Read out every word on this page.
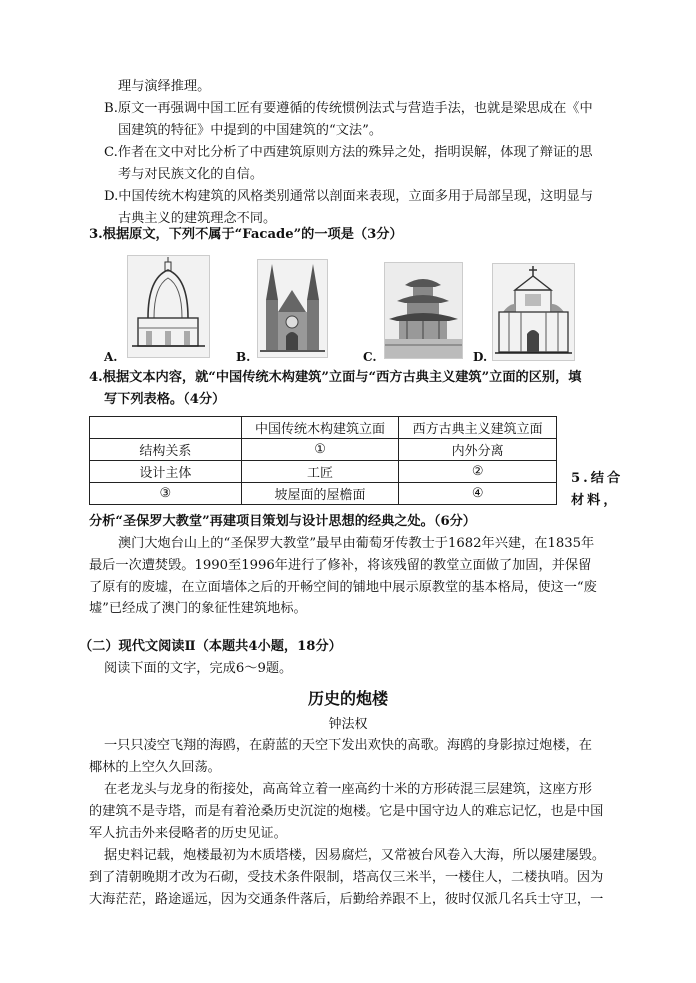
理与演绎推理。
B.原文一再强调中国工匠有要遵循的传统惯例法式与营造手法，也就是梁思成在《中
国建筑的特征》中提到的中国建筑的“文法”。
C.作者在文中对比分析了中西建筑原则方法的殊异之处，指明误解，体现了辩证的思
考与对民族文化的自信。
D.中国传统木构建筑的风格类别通常以剖面来表现，立面多用于局部呈现，这明显与
古典主义的建筑理念不同。
3.根据原文，下列不属于“Facade”的一项是（3分）
A.	B.	C.	D.
4.根据文本内容，就“中国传统木构建筑”立面与“西方古典主义建筑”立面的区别，填
写下列表格。（4分）
	中国传统木构建筑立面	西方古典主义建筑立面
结构关系	①	内外分离
设计主体	工匠	②
③	坡屋面的屋檐面	④
5.结合
材料，
分析“圣保罗大教堂”再建项目策划与设计思想的经典之处。（6分）
澳门大炮台山上的“圣保罗大教堂”最早由葡萄牙传教士于1682年兴建，在1835年
最后一次遭焚毁。1990至1996年进行了修补，将该残留的教堂立面做了加固，并保留
了原有的废墟，在立面墙体之后的开畅空间的铺地中展示原教堂的基本格局，使这一“废
墟”已经成了澳门的象征性建筑地标。
（二）现代文阅读Ⅱ（本题共4小题，18分）
阅读下面的文字，完成6～9题。
历史的炮楼
钟法权
一只只凌空飞翔的海鸥，在蔚蓝的天空下发出欢快的高歌。海鸥的身影掠过炮楼，在
椰林的上空久久回荡。
在老龙头与龙身的衔接处，高高耸立着一座高约十米的方形砖混三层建筑，这座方形
的建筑不是寺塔，而是有着沧桑历史沉淀的炮楼。它是中国守边人的难忘记忆，也是中国
军人抗击外来侵略者的历史见证。
据史料记载，炮楼最初为木质塔楼，因易腐烂，又常被台风卷入大海，所以屡建屡毁。
到了清朝晚期才改为石砌，受技术条件限制，塔高仅三米半，一楼住人，二楼执哨。因为
大海茫茫，路途遥远，因为交通条件落后，后勤给养跟不上，彼时仅派几名兵士守卫，一
